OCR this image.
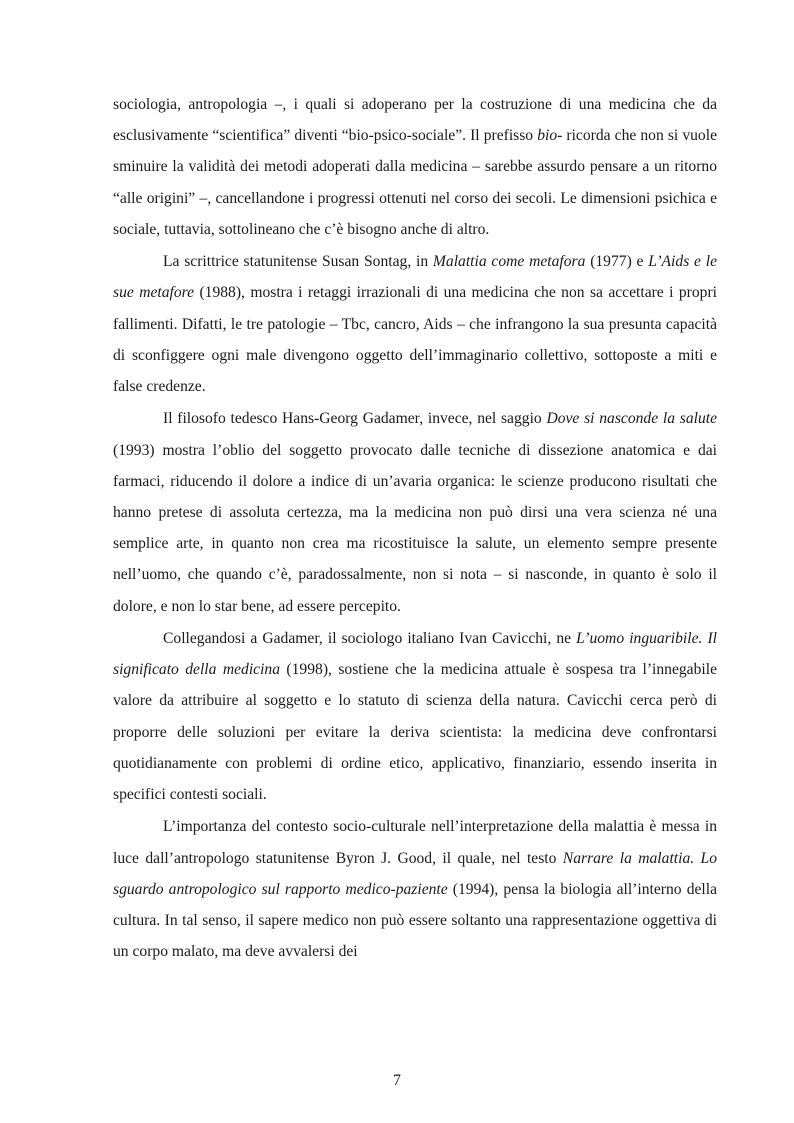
sociologia, antropologia –, i quali si adoperano per la costruzione di una medicina che da esclusivamente “scientifica” diventi “bio-psico-sociale”. Il prefisso bio- ricorda che non si vuole sminuire la validità dei metodi adoperati dalla medicina – sarebbe assurdo pensare a un ritorno “alle origini” –, cancellandone i progressi ottenuti nel corso dei secoli. Le dimensioni psichica e sociale, tuttavia, sottolineano che c’è bisogno anche di altro.

La scrittrice statunitense Susan Sontag, in Malattia come metafora (1977) e L’Aids e le sue metafore (1988), mostra i retaggi irrazionali di una medicina che non sa accettare i propri fallimenti. Difatti, le tre patologie – Tbc, cancro, Aids – che infrangono la sua presunta capacità di sconfiggere ogni male divengono oggetto dell’immaginario collettivo, sottoposte a miti e false credenze.

Il filosofo tedesco Hans-Georg Gadamer, invece, nel saggio Dove si nasconde la salute (1993) mostra l’oblio del soggetto provocato dalle tecniche di dissezione anatomica e dai farmaci, riducendo il dolore a indice di un’avaria organica: le scienze producono risultati che hanno pretese di assoluta certezza, ma la medicina non può dirsi una vera scienza né una semplice arte, in quanto non crea ma ricostituisce la salute, un elemento sempre presente nell’uomo, che quando c’è, paradossalmente, non si nota – si nasconde, in quanto è solo il dolore, e non lo star bene, ad essere percepito.

Collegandosi a Gadamer, il sociologo italiano Ivan Cavicchi, ne L’uomo inguaribile. Il significato della medicina (1998), sostiene che la medicina attuale è sospesa tra l’innegabile valore da attribuire al soggetto e lo statuto di scienza della natura. Cavicchi cerca però di proporre delle soluzioni per evitare la deriva scientista: la medicina deve confrontarsi quotidianamente con problemi di ordine etico, applicativo, finanziario, essendo inserita in specifici contesti sociali.

L’importanza del contesto socio-culturale nell’interpretazione della malattia è messa in luce dall’antropologo statunitense Byron J. Good, il quale, nel testo Narrare la malattia. Lo sguardo antropologico sul rapporto medico-paziente (1994), pensa la biologia all’interno della cultura. In tal senso, il sapere medico non può essere soltanto una rappresentazione oggettiva di un corpo malato, ma deve avvalersi dei

7
